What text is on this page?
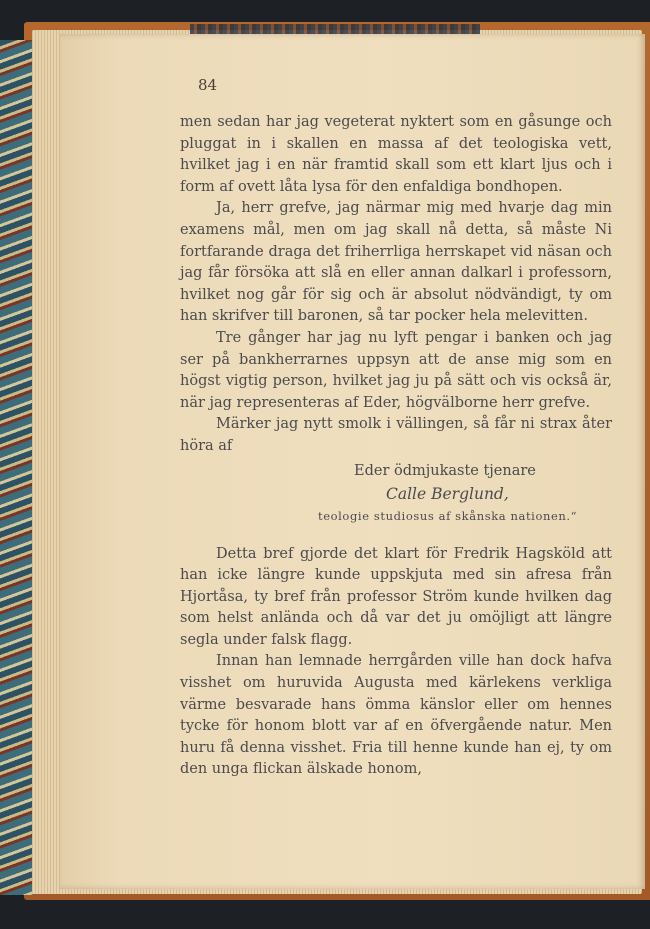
84

men sedan har jag vegeterat nyktert som en gåsunge och pluggat in i skallen en massa af det teologiska vett, hvilket jag i en när framtid skall som ett klart ljus och i form af ovett låta lysa för den enfaldiga bondhopen.

Ja, herr grefve, jag närmar mig med hvarje dag min examens mål, men om jag skall nå detta, så måste Ni fortfarande draga det friherrliga herrskapet vid näsan och jag får försöka att slå en eller annan dalkarl i professorn, hvilket nog går för sig och är absolut nödvändigt, ty om han skrifver till baronen, så tar pocker hela melevitten.

Tre gånger har jag nu lyft pengar i banken och jag ser på bankherrarnes uppsyn att de anse mig som en högst vigtig person, hvilket jag ju på sätt och vis också är, när jag representeras af Eder, högvälborne herr grefve.

Märker jag nytt smolk i vällingen, så får ni strax åter höra af

Eder ödmjukaste tjenare
Calle Berglund,
teologie studiosus af skånska nationen.“

Detta bref gjorde det klart för Fredrik Hagsköld att han icke längre kunde uppskjuta med sin afresa från Hjortåsa, ty bref från professor Ström kunde hvilken dag som helst anlända och då var det ju omöjligt att längre segla under falsk flagg.

Innan han lemnade herrgården ville han dock hafva visshet om huruvida Augusta med kärlekens verkliga värme besvarade hans ömma känslor eller om hennes tycke för honom blott var af en öfvergående natur. Men huru få denna visshet. Fria till henne kunde han ej, ty om den unga flickan älskade honom,
